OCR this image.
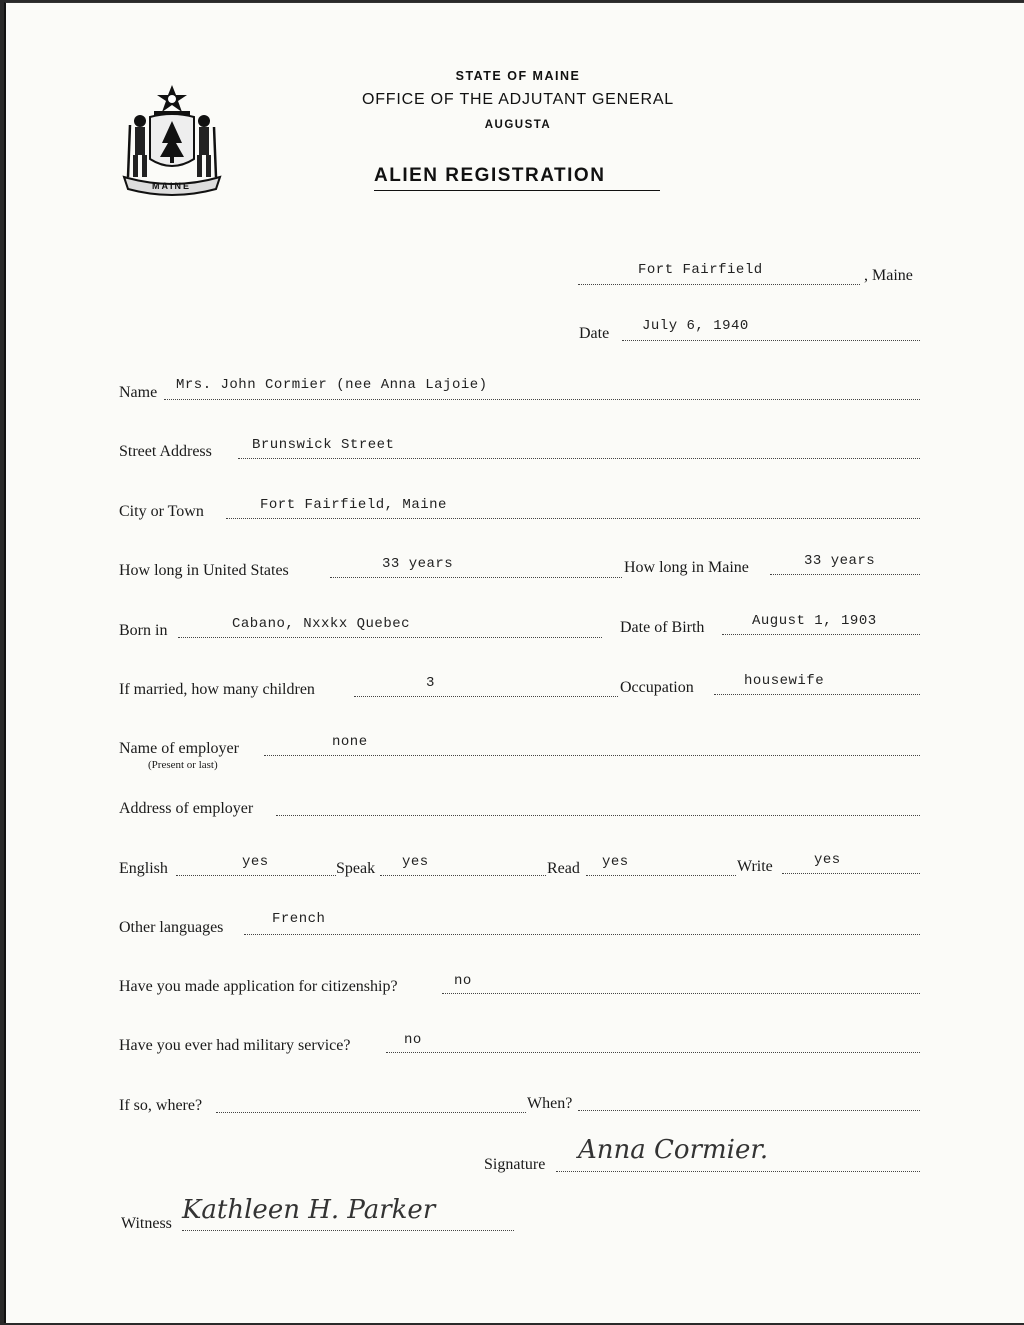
MAINE
STATE OF MAINE
OFFICE OF THE ADJUTANT GENERAL
AUGUSTA
ALIEN REGISTRATION
Fort Fairfield	, Maine
Date July 6, 1940
Name Mrs. John Cormier (nee Anna Lajoie)
Street Address	Brunswick Street
City or Town	Fort Fairfield, Maine
How long in United States	33 years	How long in Maine	33 years
Born in	Cabano, Nxxkx Quebec	Date of Birth	August 1, 1903
If married, how many children	3	Occupation	housewife
Name of employer	none
(Present or last)
Address of employer
English	yes	Speak yes	Read yes	Write	yes
Other languages	French
Have you made application for citizenship?	no
Have you ever had military service?	no
If so, where?	When?
Signature Anna Cormier.
Witness Kathleen H. Parker
